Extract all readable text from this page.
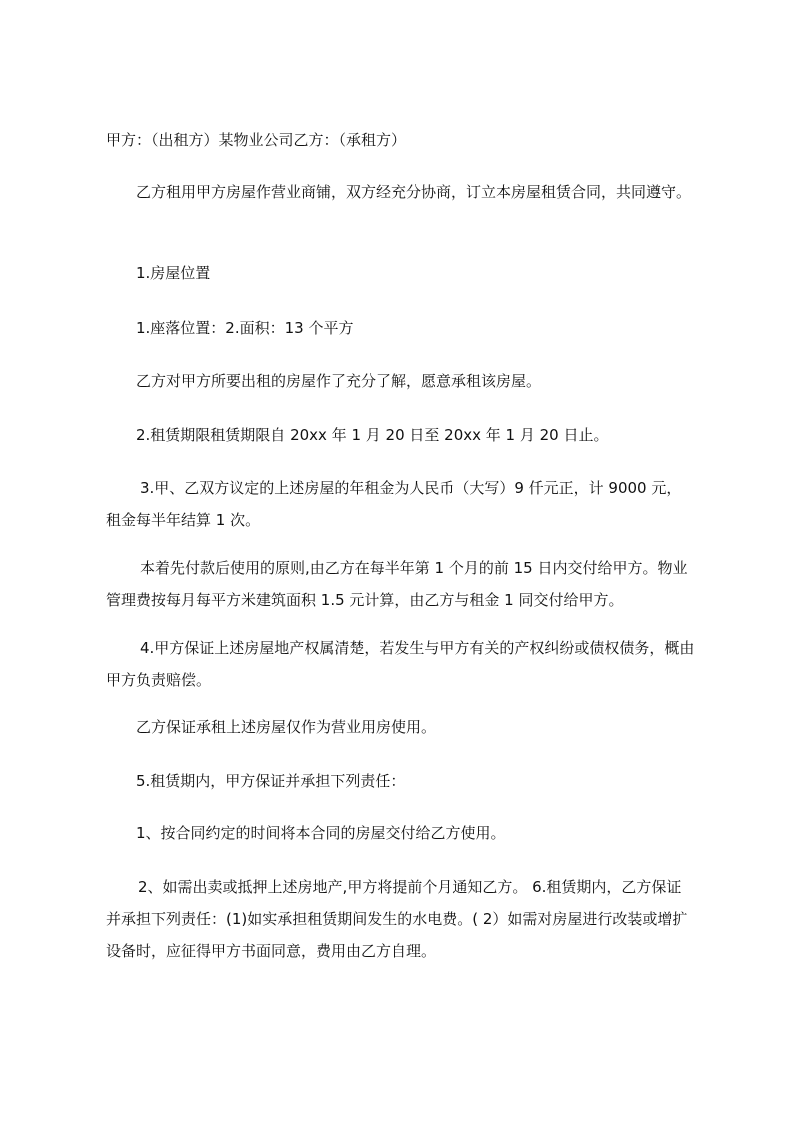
甲方：（出租方）某物业公司乙方：（承租方）

乙方租用甲方房屋作营业商铺，双方经充分协商，订立本房屋租赁合同，共同遵守。

1.房屋位置

1.座落位置：2.面积：13 个平方

乙方对甲方所要出租的房屋作了充分了解，愿意承租该房屋。

2.租赁期限租赁期限自 20xx 年 1 月 20 日至 20xx 年 1 月 20 日止。

3.甲、乙双方议定的上述房屋的年租金为人民币（大写）9 仟元正，计 9000 元，租金每半年结算 1 次。

本着先付款后使用的原则,由乙方在每半年第 1 个月的前 15 日内交付给甲方。物业管理费按每月每平方米建筑面积 1.5 元计算，由乙方与租金 1 同交付给甲方。

4.甲方保证上述房屋地产权属清楚，若发生与甲方有关的产权纠纷或债权债务，概由甲方负责赔偿。

乙方保证承租上述房屋仅作为营业用房使用。

5.租赁期内，甲方保证并承担下列责任：

1、按合同约定的时间将本合同的房屋交付给乙方使用。

2、如需出卖或抵押上述房地产,甲方将提前个月通知乙方。 6.租赁期内，乙方保证并承担下列责任：(1)如实承担租赁期间发生的水电费。( 2）如需对房屋进行改装或增扩设备时，应征得甲方书面同意，费用由乙方自理。
